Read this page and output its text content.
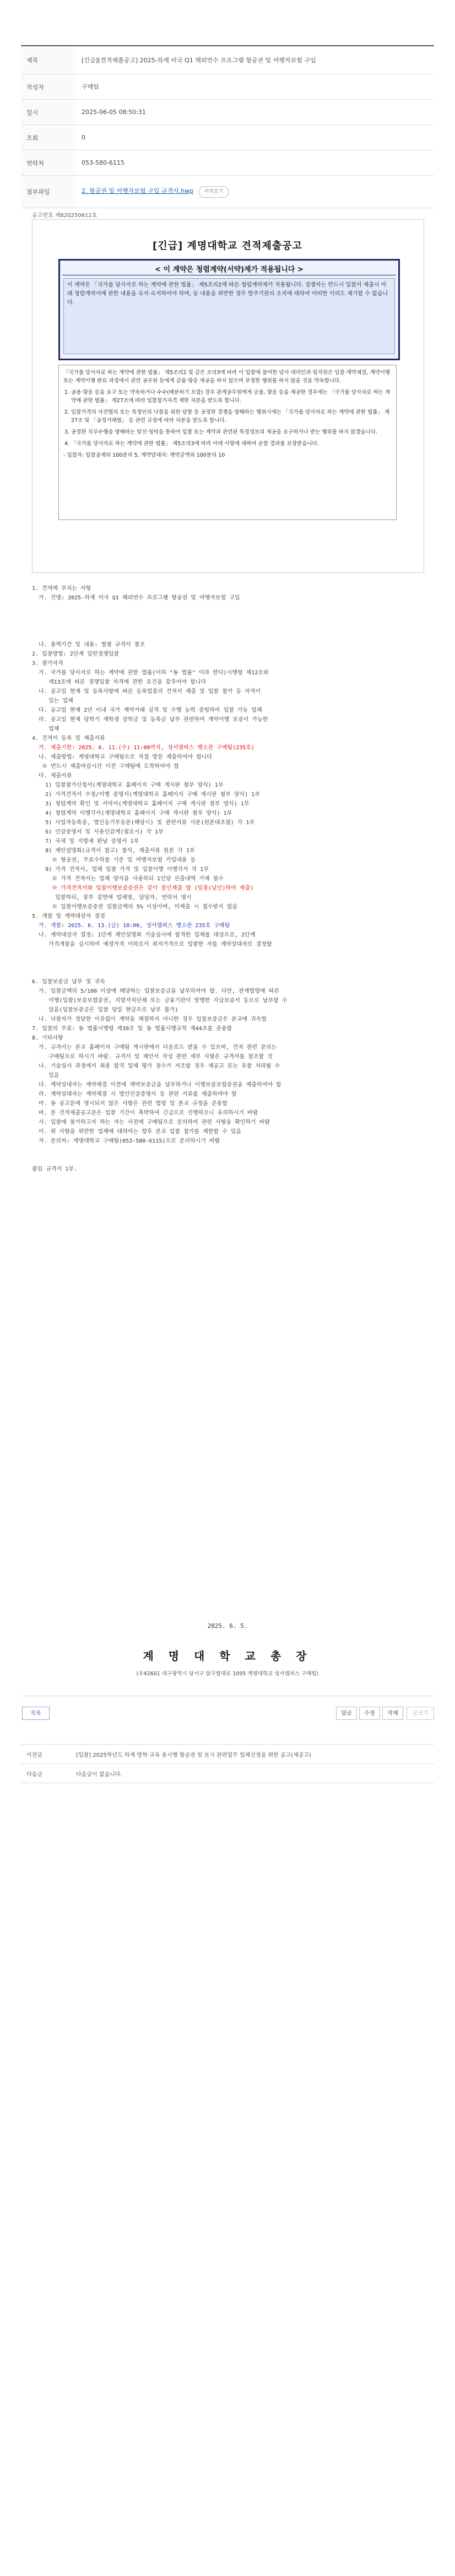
제목	[긴급][견적제출공고] 2025-하계 미국 Q1 해외연수 프로그램 항공권 및 여행자보험 구입
작성자	구매팀
일시	2025-06-05 08:50:31
조회	0
연락처	053-580-6115
첨부파일	2. 항공권 및 여행자보험 구입 규격서.hwp 미리보기
공고번호 제820250612호
[긴급] 계명대학교 견적제출공고
< 이 계약은 청렴계약(서약)제가 적용됩니다 >
이 계약은 「국가를 당사자로 하는 계약에 관한 법률」 제5조의2에 따른 청렴계약제가 적용됩니다. 경쟁자는 반드시 입찰서 제출시 아래 청렴계약서에 관한 내용을 숙지·숙지하여야 하며, 등 내용을 위반한 경우 발주기관의 조치에 대하여 어떠한 이의도 제기할 수 없습니다.

「국가를 당사자로 하는 계약에 관한 법률」 제5조의2 및 같은 조의3에 따라 이 입찰에 참여한 당사 대리인과 임직원은 입찰·계약체결, 계약이행 또는 계약이행 완료 과정에서 관련 공무원 등에게 금품·향응 제공을 하지 않으며 부정한 행위를 하지 않을 것을 약속합니다.

1. 공용·향응 등을 요구 또는 약속하거나 수수(배분하기 포함) 경우 관계공무원에게 금품, 향응 등을 제공한 경우에는 「국가를 당사자로 하는 계약에 관한 법률」 제27조에 따라 입찰참가자격 제한 처분을 받도록 합니다.
2. 입찰가격의 사전협의 또는 특정인의 낙찰을 위한 담합 등 공정한 경쟁을 방해하는 행위시에는 「국가를 당사자로 하는 계약에 관한 법률」 제27조 및 「공정거래법」 등 관련 규정에 따라 처분을 받도록 합니다.
3. 공정한 직무수행을 방해하는 알선·청탁을 통하여 입찰 또는 계약과 관련된 특정정보의 제공을 요구하거나 받는 행위를 하지 않겠습니다.
4. 「국가를 당사자로 하는 계약에 관한 법률」 제5조의3에 따라 아래 사항에 대하여 순찰 결과를 보장받습니다.

- 입찰자: 입찰공제의 100분의 5, 계약당대자: 계약금액의 100분의 10

1. 견적에 부치는 사항
가. 건명: 2025-하계 미국 Q1 해외연수 프로그램 항공권 및 여행자보험 구입

나. 용역기간 및 내용: 별첨 규격서 참조
2. 입찰방법: 2단계 일반경쟁입찰
3. 참가자격
가. 국가를 당사자로 하는 계약에 관한 법률(이하 "동 법률" 이라 한다)시행령 제12조와
제13조에 따른 경쟁입찰 자격에 관한 요건을 갖추어야 합니다
나. 공고일 현재 및 등록사항에 따른 등록업종의 견적서 제출 및 입찰 참가 등 자격이
있는 업체
다. 공고일 현재 2년 이내 국가 계약거래 실적 및 수행 능력 증빙하여 입찰 가능 업체
라. 공고일 현재 당학기 재학생 장학금 및 등록금 납부 관련하여 계약이행 보증이 가능한
업체
4. 견적서 등록 및 제출서류
가. 제출기한: 2025. 6. 11.(수) 11:00까지, 성서캠퍼스 행소관 구매팀(235호)
나. 제출방법: 계명대학교 구매팀으로 직접 방문 제출하여야 합니다
※ 반드시 제출마감시간 이전 구매팀에 도착하여야 함
다. 제출서류
1) 입찰참가신청서(계명대학교 홈페이지 구매 게시판 첨부 양식) 1부
2) 가격견적서 수정/이행 증명서(계명대학교 홈페이지 구매 게시판 첨부 양식) 1부
3) 청렴계약 확인 및 서약서(계명대학교 홈페이지 구매 게시판 첨부 양식) 1부
4) 청렴계약 이행각서(계명대학교 홈페이지 구매 게시판 첨부 양식) 1부
5) 사업자등록증, 법인등기부등본(해당시) 및 관련서류 사본(원본대조필) 각 1부
6) 인감증명서 및 사용인감계(필요시) 각 1부
7) 국세 및 지방세 완납 증명서 1부
8) 제안설명회(규격서 참고) 참석, 제출서류 원본 각 1부
※ 항공권, 무료수하물 기준 및 여행자보험 가입내용 등
9) 가격 견적서, 업체 입찰 가격 및 입찰이행 이행각서 각 1부
※ 가격 견적서는 업체 양식을 사용하되 1인당 산출내역 기재 필수
※ 가격견적서와 입찰이행보증증권은 같이 봉인제출 함 (밀봉(날인)하여 제출)
입찰하되, 봉투 겉면에 업체명, 담당자, 연락처 명시
※ 입찰이행보증증권 입찰금액의 5% 이상이며, 미제출 시 접수받지 않음
5. 개찰 및 계약대상자 결정
가. 개찰: 2025. 6. 13.(금) 10:00, 성서캠퍼스 행소관 235호 구매팀
나. 계약대상자 결정: 1단계 제안설명회 기술심사에 합격한 업체를 대상으로, 2단계
가격개찰을 실시하여 예정가격 이하로서 최저가격으로 입찰한 자를 계약상대자로 결정함

6. 입찰보증금 납부 및 귀속
가. 입찰금액의 5/100 이상에 해당하는 입찰보증금을 납부하여야 함. 다만, 관계법령에 따른
이행(입찰)보증보험증권, 지방자치단체 또는 금융기관이 발행한 지급보증서 등으로 납부할 수
있음(입찰보증금은 입찰 당일 현금으로 납부 불가)
나. 낙찰자가 정당한 이유없이 계약을 체결하지 아니한 경우 입찰보증금은 본교에 귀속함
7. 입찰의 무효: 동 법률시행령 제39조 및 동 법률시행규칙 제44조를 준용함
8. 기타사항
가. 규격서는 본교 홈페이지 구매팀 게시판에서 다운로드 받을 수 있으며, 견적 관련 문의는
구매팀으로 하시기 바람. 규격서 및 제안서 작성 관련 세부 사항은 규격서를 참조할 것
나. 기술심사 과정에서 최종 합격 업체 평가 점수가 저조할 경우 재공고 또는 유찰 처리될 수
있음
다. 계약상대자는 계약체결 이전에 계약보증금을 납부하거나 이행보증보험증권을 제출하여야 함
라. 계약상대자는 계약체결 시 법인인감증명서 등 관련 서류를 제출하여야 함
마. 동 공고문에 명시되지 않은 사항은 관련 법령 및 본교 규정을 준용함
바. 본 견적제출공고문은 입찰 기간이 촉박하여 긴급으로 진행하오니 유의하시기 바람
사. 입찰에 참가하고자 하는 자는 사전에 구매팀으로 문의하여 관련 사항을 확인하기 바람
아. 위 사항을 위반한 업체에 대하여는 향후 본교 입찰 참가를 제한할 수 있음
자. 문의처: 계명대학교 구매팀(053-580-6115)으로 문의하시기 바람

붙임 규격서 1부.

2025. 6. 5.
계 명 대 학 교 총 장
(우42601 대구광역시 달서구 달구벌대로 1095 계명대학교 성서캠퍼스 구매팀)
목록	답글	수정	삭제	글쓰기
이전글	[입찰] 2025학년도 하계 방학·교육 용시행 항공권 및 보시 관련업무 업체선정을 위한 공고(재공고)
다음글	다음글이 없습니다.
